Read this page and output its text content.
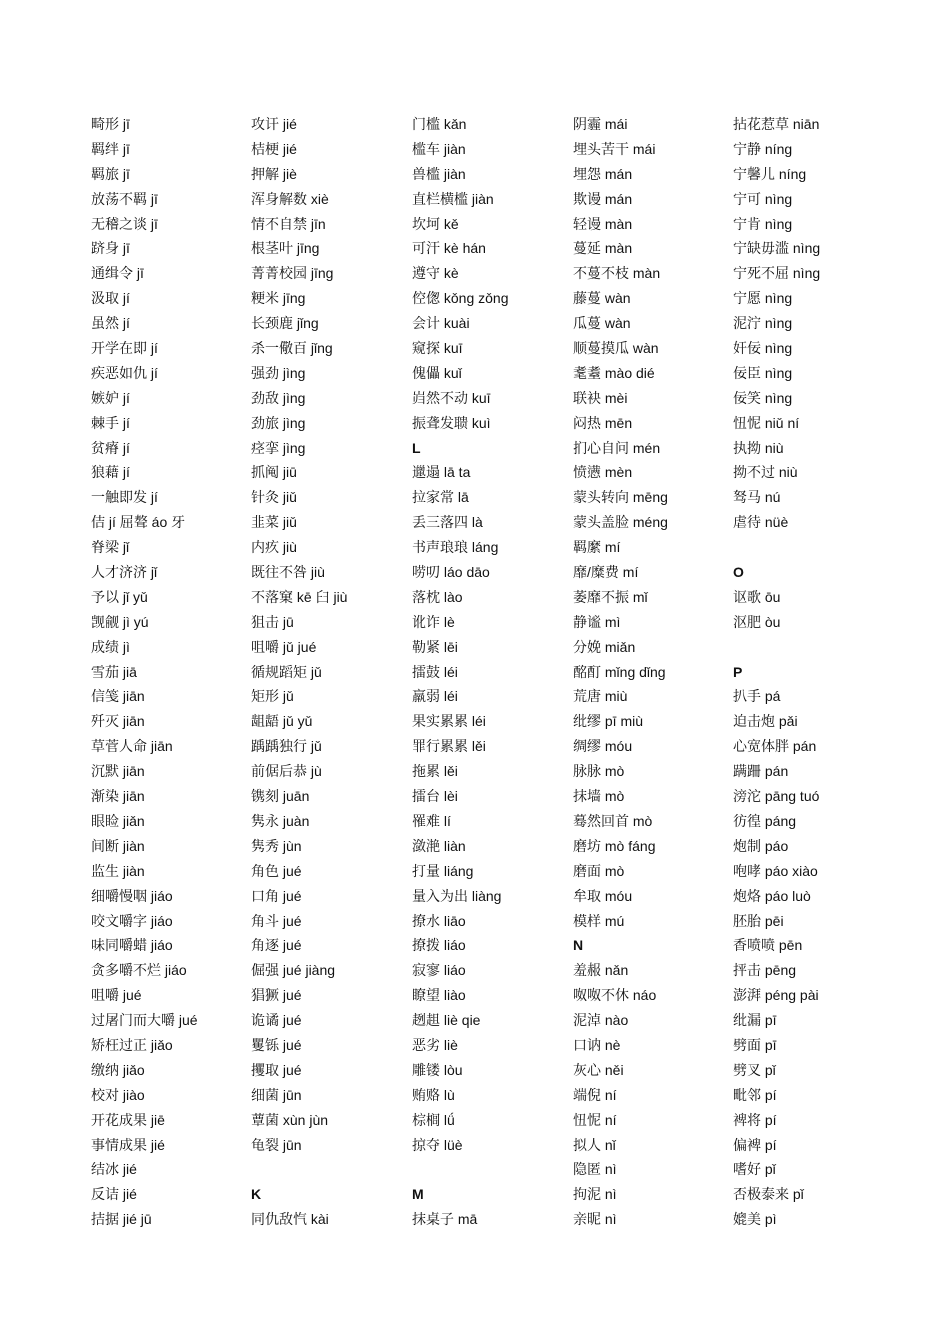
畸形 jī
羁绊 jī
羁旅 jī
放荡不羁 jī
无稽之谈 jī
跻身 jī
通缉令 jī
汲取 jí
虽然 jí
开学在即 jí
疾恶如仇 jí
嫉妒 jí
棘手 jí
贫瘠 jí
狼藉 jí
一触即发 jí
佶 jí 屈聱 áo 牙
脊梁 jǐ
人才济济 jǐ
予以 jǐ yǔ
觊觎 jì yú
成绩 jì
雪茄 jiā
信笺 jiān
歼灭 jiān
草菅人命 jiān
沉默 jiān
渐染 jiān
眼睑 jiǎn
间断 jiàn
监生 jiàn
细嚼慢咽 jiáo
咬文嚼字 jiáo
味同嚼蜡 jiáo
贪多嚼不烂 jiáo
咀嚼 jué
过屠门而大嚼 jué
矫枉过正 jiǎo
缴纳 jiǎo
校对 jiào
开花成果 jiē
事情成果 jié
结冰 jié
反诘 jié
拮据 jié jū
攻讦 jié
桔梗 jié
押解 jiè
浑身解数 xiè
情不自禁 jīn
根茎叶 jīng
菁菁校园 jīng
粳米 jīng
长颈鹿 jǐng
杀一儆百 jǐng
强劲 jìng
劲敌 jìng
劲旅 jìng
痉挛 jìng
抓阄 jiū
针灸 jiǔ
韭菜 jiǔ
内疚 jiù
既往不咎 jiù
不落窠 kē 臼 jiù
狙击 jū
咀嚼 jǔ jué
循规蹈矩 jǔ
矩形 jǔ
龃龉 jǔ yǔ
踽踽独行 jǔ
前倨后恭 jù
镌刻 juān
隽永 juàn
隽秀 jùn
角色 jué
口角 jué
角斗 jué
角逐 jué
倔强 jué jiàng
猖獗 jué
诡谲 jué
矍铄 jué
攫取 jué
细菌 jūn
蕈菌 xùn jùn
龟裂 jūn
K
同仇敌忾 kài
门槛 kǎn
槛车 jiàn
兽槛 jiàn
直栏横槛 jiàn
坎坷 kě
可汗 kè hán
遵守 kè
倥偬 kǒng zǒng
会计 kuài
窥探 kuī
傀儡 kuǐ
岿然不动 kuī
振聋发聩 kuì
L
邋遢 lā ta
拉家常 lā
丢三落四 là
书声琅琅 láng
唠叨 láo dāo
落枕 lào
讹诈 lè
勒紧 lēi
擂鼓 léi
羸弱 léi
果实累累 léi
罪行累累 lěi
拖累 lěi
擂台 lèi
罹难 lí
潋滟 liàn
打量 liáng
量入为出 liàng
撩水 liāo
撩拨 liáo
寂寥 liáo
瞭望 liào
趔趄 liè qie
恶劣 liè
雕镂 lòu
贿赂 lù
棕榈 lǘ
掠夺 lüè
M
抹桌子 mā
阴霾 mái
埋头苦干 mái
埋怨 mán
欺谩 mán
轻谩 màn
蔓延 màn
不蔓不枝 màn
藤蔓 wàn
瓜蔓 wàn
顺蔓摸瓜 wàn
耄耋 mào dié
联袂 mèi
闷热 mēn
扪心自问 mén
愤懑 mèn
蒙头转向 mēng
蒙头盖脸 méng
羁縻 mí
靡/糜费 mí
萎靡不振 mǐ
静谧 mì
分娩 miǎn
酩酊 mǐng dǐng
荒唐 miù
纰缪 pī miù
绸缪 móu
脉脉 mò
抹墙 mò
蓦然回首 mò
磨坊 mò fáng
磨面 mò
牟取 móu
模样 mú
N
羞赧 nǎn
呶呶不休 náo
泥淖 nào
口讷 nè
灰心 něi
端倪 ní
忸怩 ní
拟人 nǐ
隐匿 nì
拘泥 nì
亲昵 nì
拈花惹草 niān
宁静 níng
宁馨儿 níng
宁可 nìng
宁肯 nìng
宁缺毋滥 nìng
宁死不屈 nìng
宁愿 nìng
泥泞 nìng
奸佞 nìng
佞臣 nìng
佞笑 nìng
忸怩 niǔ ní
执拗 niù
拗不过 niù
驽马 nú
虐待 nüè
O
讴歌 ōu
沤肥 òu
P
扒手 pá
迫击炮 pǎi
心宽体胖 pán
蹒跚 pán
滂沱 pāng tuó
彷徨 páng
炮制 páo
咆哮 páo xiào
炮烙 páo luò
胚胎 pēi
香喷喷 pēn
抨击 pēng
澎湃 péng pài
纰漏 pī
劈面 pī
劈叉 pǐ
毗邻 pí
裨将 pí
偏裨 pí
嗜好 pǐ
否极泰来 pǐ
媲美 pì
